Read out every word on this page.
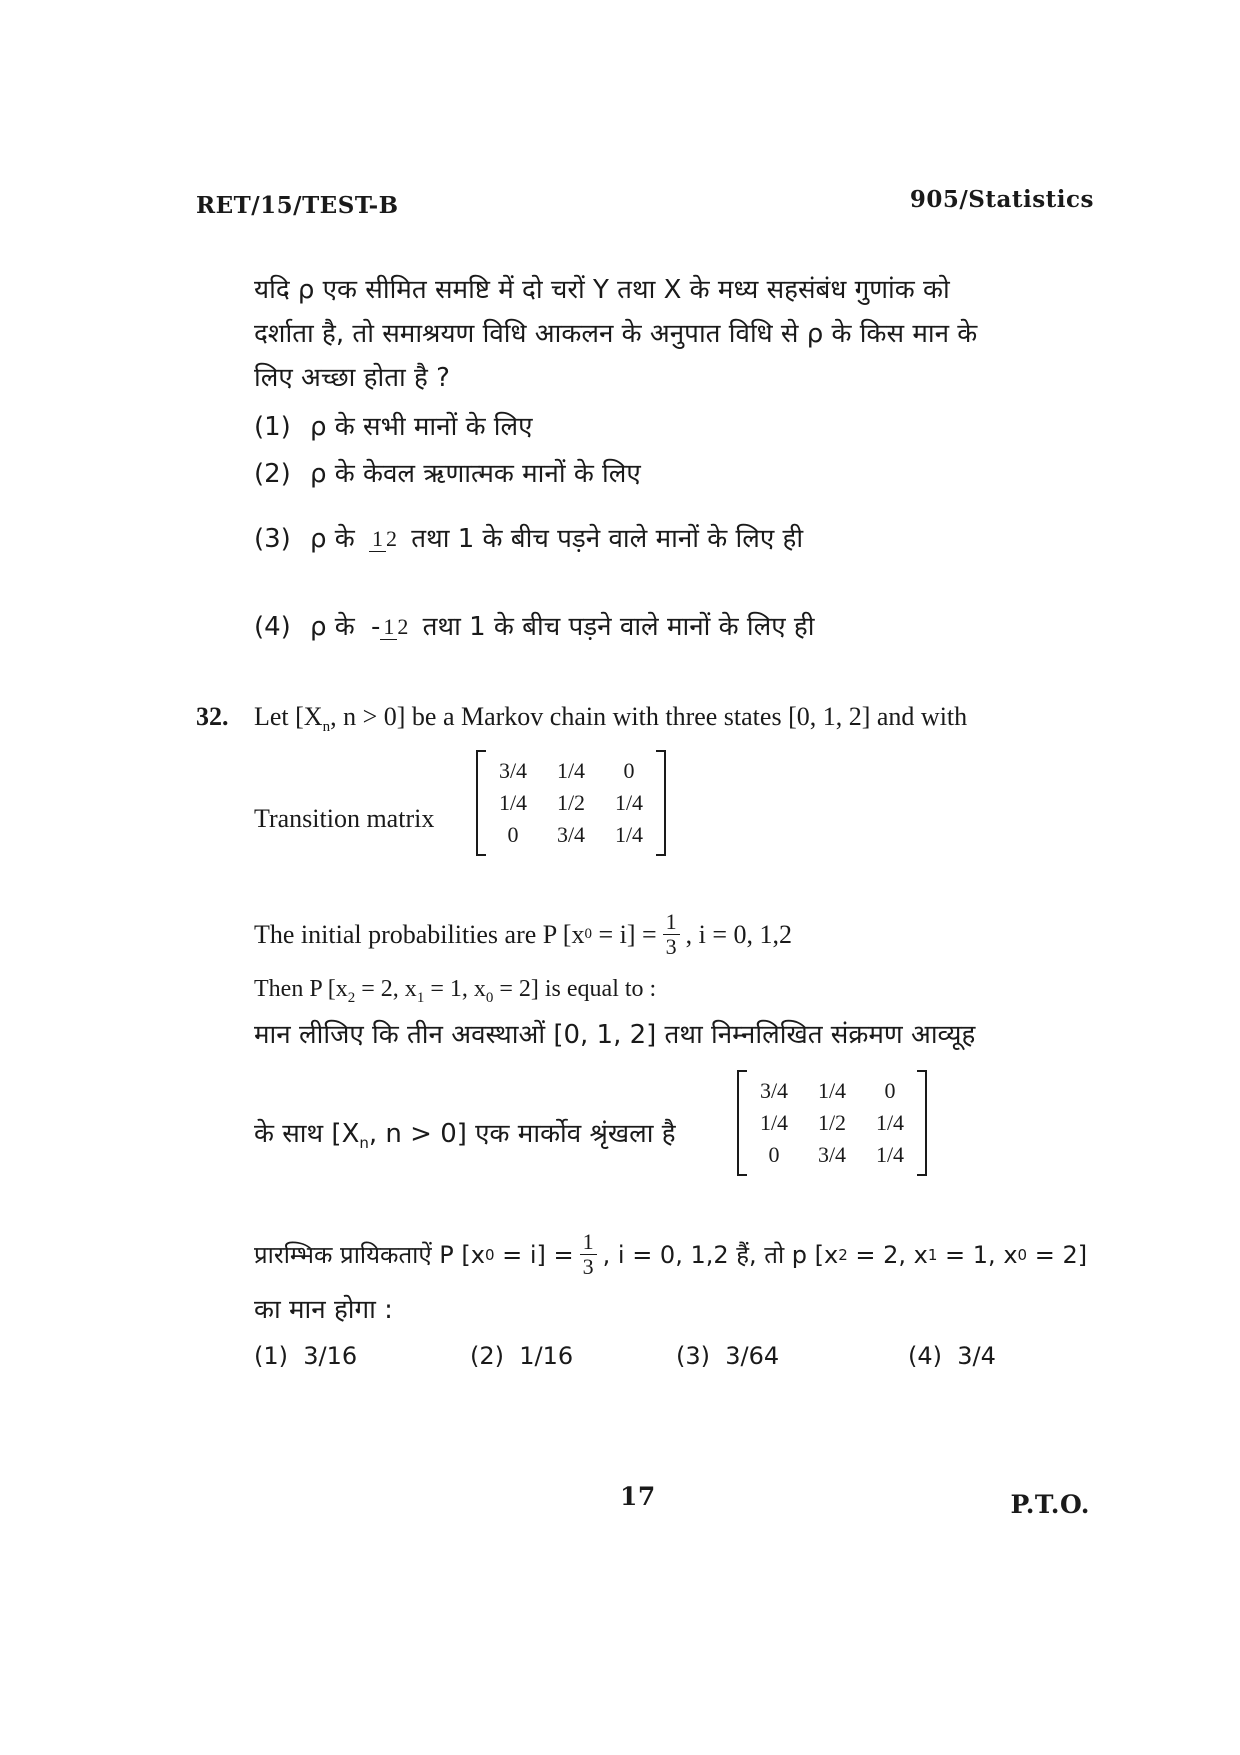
RET/15/TEST-B	905/Statistics
यदि ρ एक सीमित समष्टि में दो चरों Y तथा X के मध्य सहसंबंध गुणांक को
दर्शाता है, तो समाश्रयण विधि आकलन के अनुपात विधि से ρ के किस मान के
लिए अच्छा होता है ?
(1) ρ के सभी मानों के लिए
(2) ρ के केवल ऋणात्मक मानों के लिए
(3) ρ के 1 2 तथा 1 के बीच पड़ने वाले मानों के लिए ही
(4) ρ के - 1 2 तथा 1 के बीच पड़ने वाले मानों के लिए ही
32. Let [$X_n$, n > 0] be a Markov chain with three states [0, 1, 2] and with
Transition matrix
3/4	1/4	0
1/4	1/2	1/4
0	3/4	1/4
The initial probabilities are P [x $0 = i] = \frac{1}{3}$ , i = 0, 1,2
Then P [$x_2 = 2$, $x_1 = 1$, $x_0 = 2$] is equal to :
मान लीजिए कि तीन अवस्थाओं [0, 1, 2] तथा निम्नलिखित संक्रमण आव्यूह
के साथ [$X_n$, n > 0] एक मार्कोव श्रृंखला है
3/4	1/4	0
1/4	1/2	1/4
0	3/4	1/4
प्रारम्भिक प्रायिकताऐं P [x $0 = i] = \frac{1}{3}$ , i = 0, 1,2 हैं, तो p [x 2 = 2, x 1 = 1, x 0 = 2]
का मान होगा :
(1) 3/16	(2) 1/16	(3) 3/64	(4) 3/4
17	P.T.O.
